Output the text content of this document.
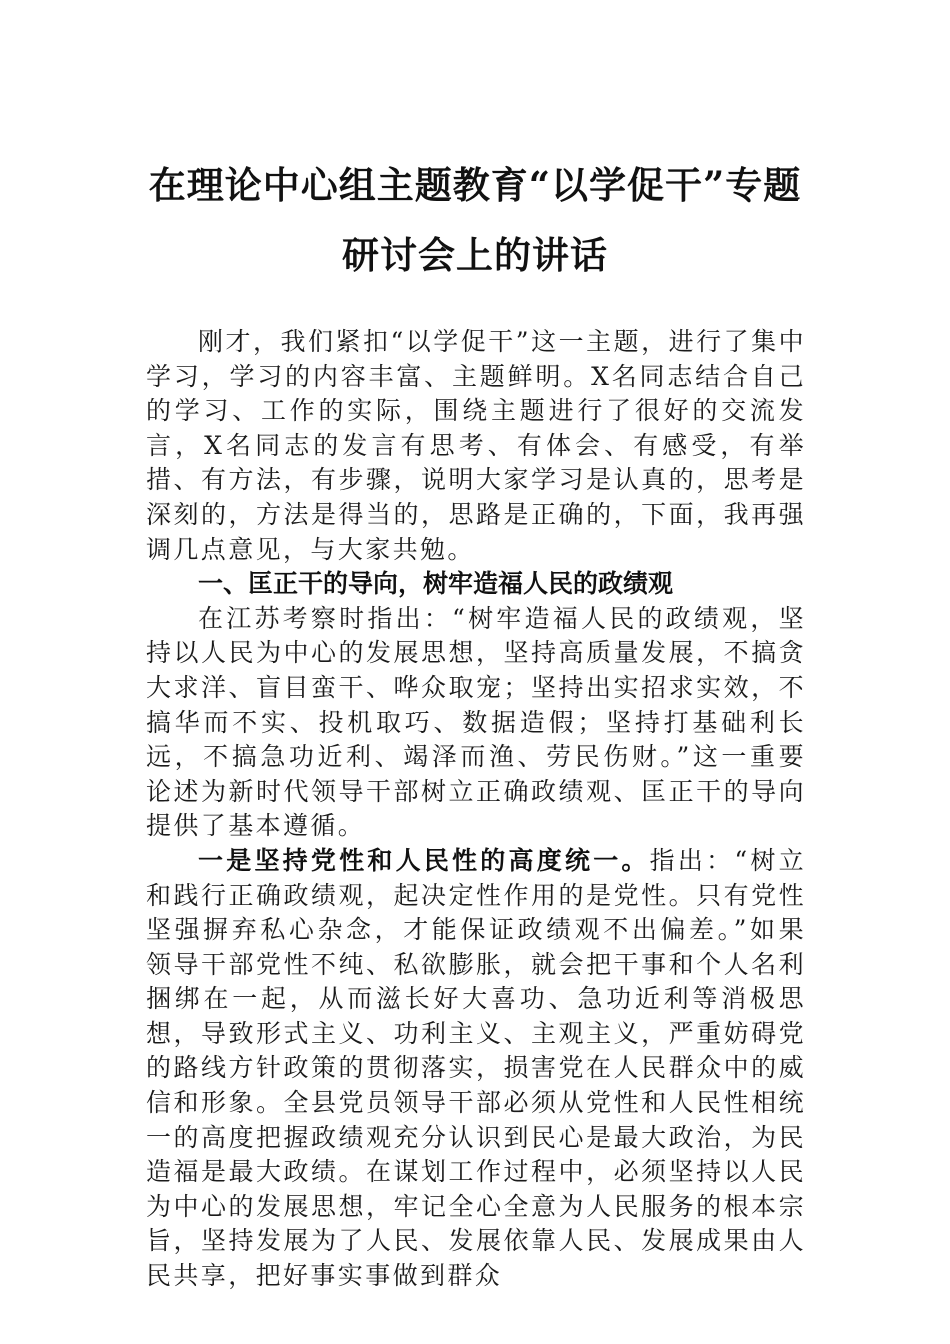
在理论中心组主题教育“以学促干”专题
研讨会上的讲话

刚才，我们紧扣“以学促干”这一主题，进行了集中学习，学习的内容丰富、主题鲜明。X名同志结合自己的学习、工作的实际，围绕主题进行了很好的交流发言，X名同志的发言有思考、有体会、有感受，有举措、有方法，有步骤，说明大家学习是认真的，思考是深刻的，方法是得当的，思路是正确的，下面，我再强调几点意见，与大家共勉。

一、匡正干的导向，树牢造福人民的政绩观

在江苏考察时指出：“树牢造福人民的政绩观，坚持以人民为中心的发展思想，坚持高质量发展，不搞贪大求洋、盲目蛮干、哗众取宠；坚持出实招求实效，不搞华而不实、投机取巧、数据造假；坚持打基础利长远，不搞急功近利、竭泽而渔、劳民伤财。”这一重要论述为新时代领导干部树立正确政绩观、匡正干的导向提供了基本遵循。

一是坚持党性和人民性的高度统一。指出：“树立和践行正确政绩观，起决定性作用的是党性。只有党性坚强摒弃私心杂念，才能保证政绩观不出偏差。”如果领导干部党性不纯、私欲膨胀，就会把干事和个人名利捆绑在一起，从而滋长好大喜功、急功近利等消极思想，导致形式主义、功利主义、主观主义，严重妨碍党的路线方针政策的贯彻落实，损害党在人民群众中的威信和形象。全县党员领导干部必须从党性和人民性相统一的高度把握政绩观充分认识到民心是最大政治，为民造福是最大政绩。在谋划工作过程中，必须坚持以人民为中心的发展思想，牢记全心全意为人民服务的根本宗旨，坚持发展为了人民、发展依靠人民、发展成果由人民共享，把好事实事做到群众
